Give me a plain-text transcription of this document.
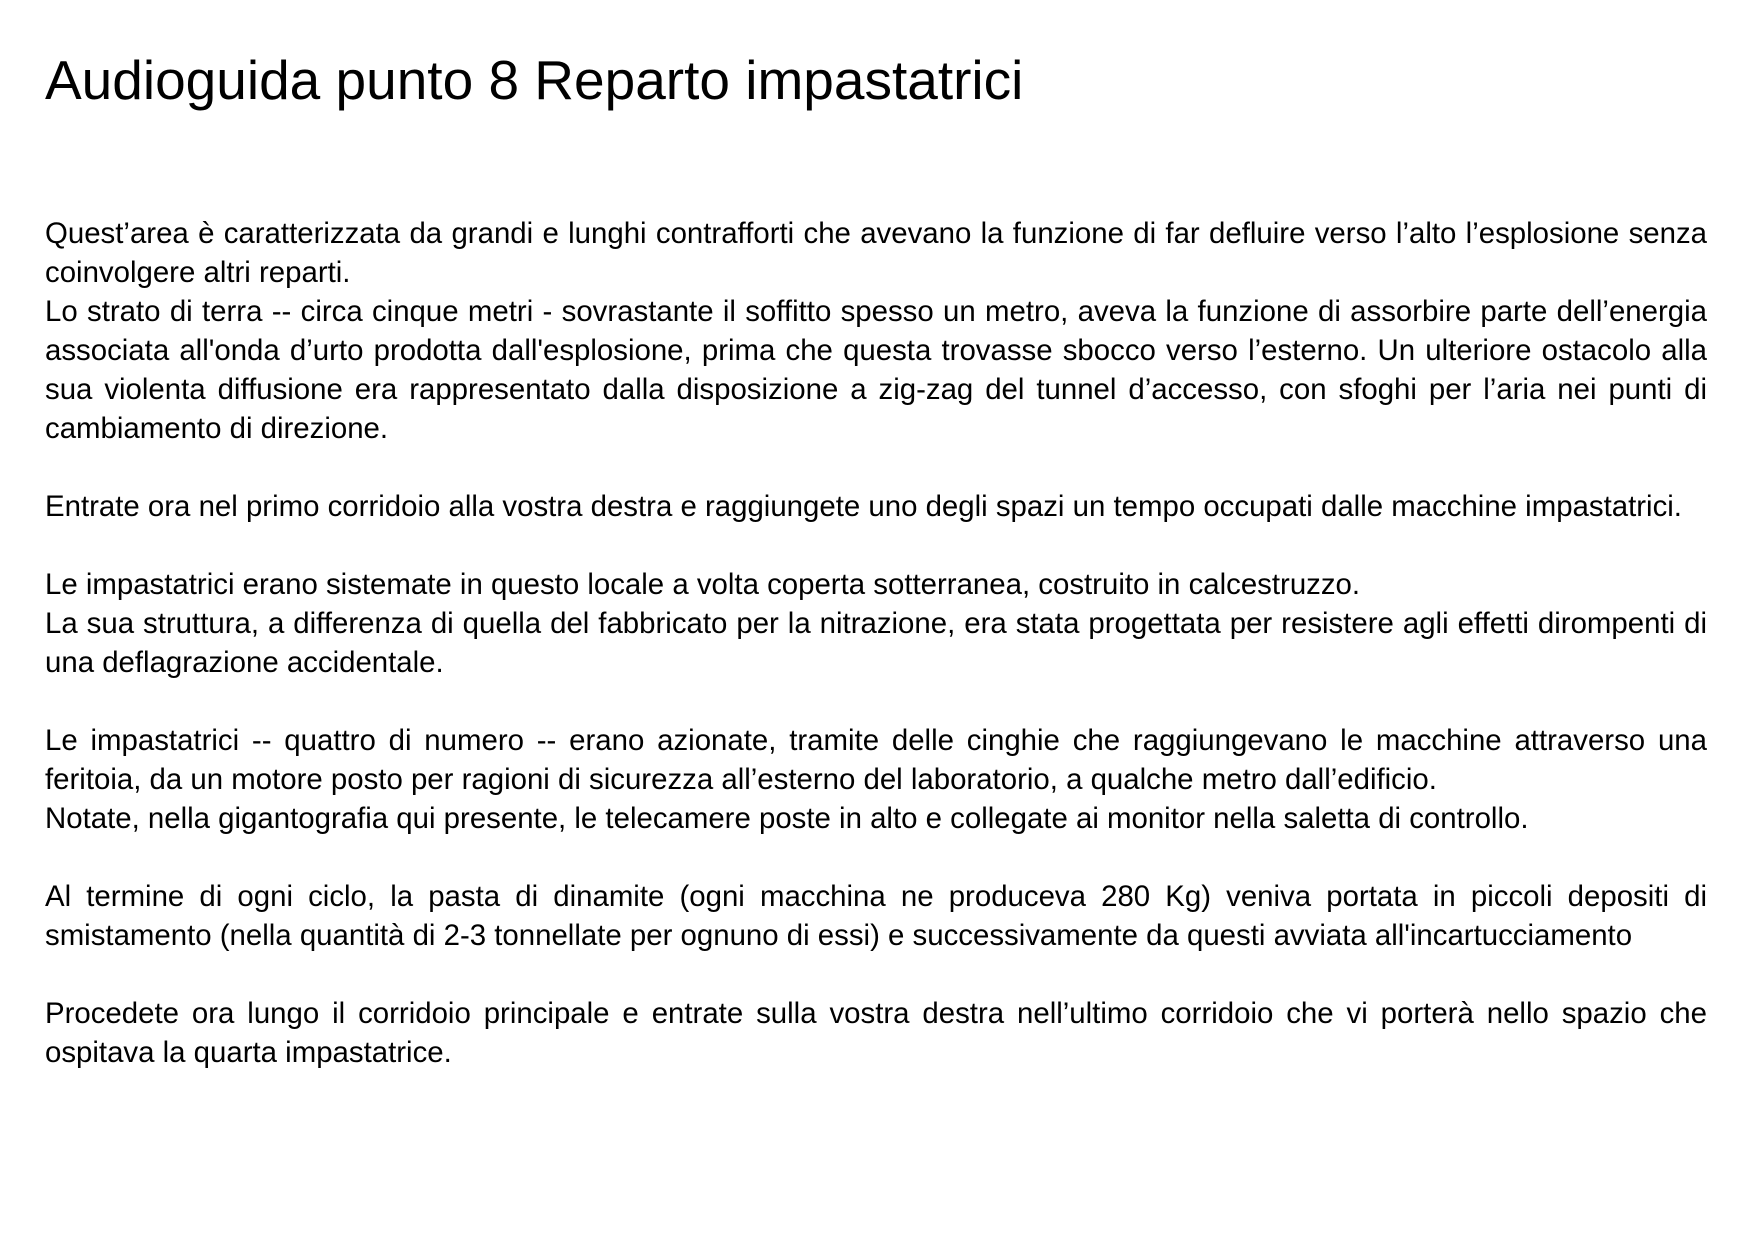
Audioguida punto 8 Reparto impastatrici

Quest’area è caratterizzata da grandi e lunghi contrafforti che avevano la funzione di far defluire verso l’alto l’esplosione senza coinvolgere altri reparti.

Lo strato di terra -- circa cinque metri - sovrastante il soffitto spesso un metro, aveva la funzione di assorbire parte dell’energia associata all'onda d’urto prodotta dall'esplosione, prima che questa trovasse sbocco verso l’esterno. Un ulteriore ostacolo alla sua violenta diffusione era rappresentato dalla disposizione a zig-zag del tunnel d’accesso, con sfoghi per l’aria nei punti di cambiamento di direzione.

Entrate ora nel primo corridoio alla vostra destra e raggiungete uno degli spazi un tempo occupati dalle macchine impastatrici.

Le impastatrici erano sistemate in questo locale a volta coperta sotterranea, costruito in calcestruzzo.

La sua struttura, a differenza di quella del fabbricato per la nitrazione, era stata progettata per resistere agli effetti dirompenti di una deflagrazione accidentale.

Le impastatrici -- quattro di numero -- erano azionate, tramite delle cinghie che raggiungevano le macchine attraverso una feritoia, da un motore posto per ragioni di sicurezza all’esterno del laboratorio, a qualche metro dall’edificio.

Notate, nella gigantografia qui presente, le telecamere poste in alto e collegate ai monitor nella saletta di controllo.

Al termine di ogni ciclo, la pasta di dinamite (ogni macchina ne produceva 280 Kg) veniva portata in piccoli depositi di smistamento (nella quantità di 2-3 tonnellate per ognuno di essi) e successivamente da questi avviata all'incartucciamento

Procedete ora lungo il corridoio principale e entrate sulla vostra destra nell’ultimo corridoio che vi porterà nello spazio che ospitava la quarta impastatrice.
